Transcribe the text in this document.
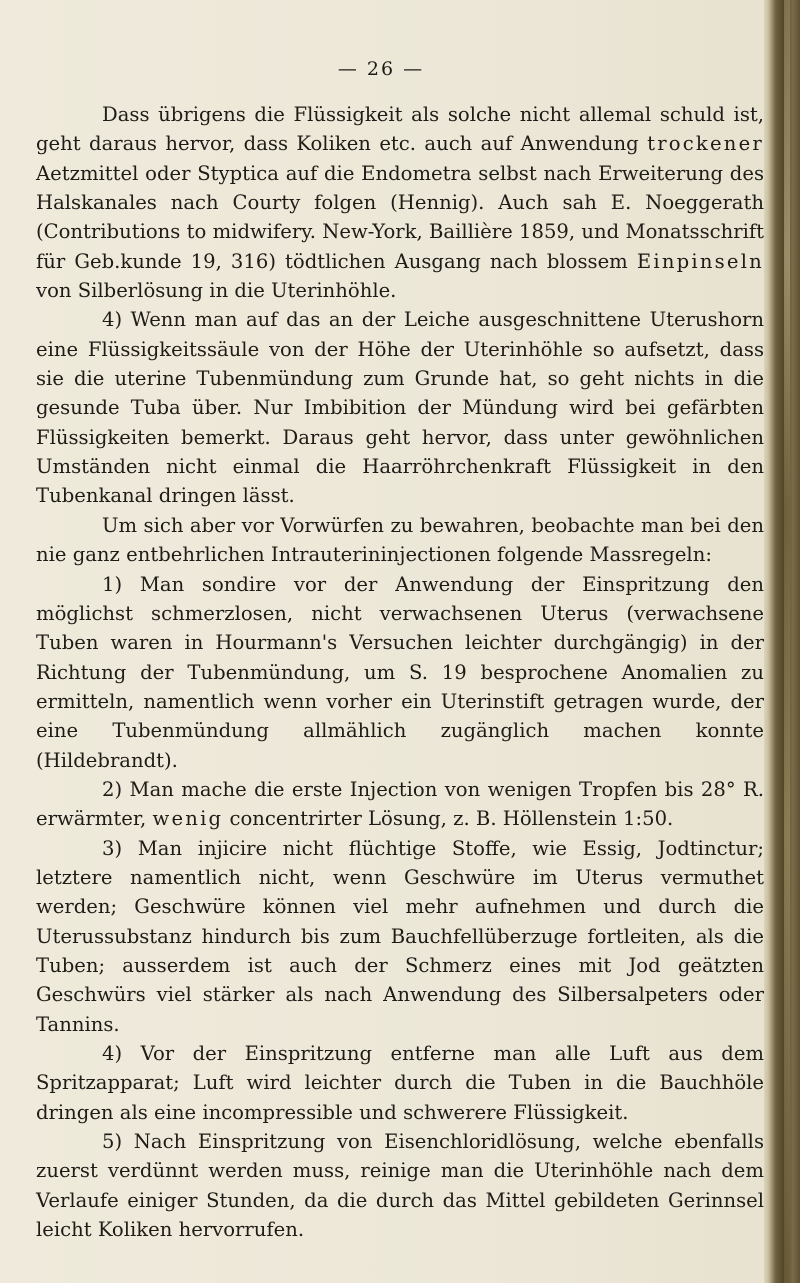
— 26 —

Dass übrigens die Flüssigkeit als solche nicht allemal schuld ist, geht daraus hervor, dass Koliken etc. auch auf Anwendung trockener Aetzmittel oder Styptica auf die Endometra selbst nach Erweiterung des Halskanales nach Courty folgen (Hennig). Auch sah E. Noeggerath (Contributions to midwifery. New-York, Baillière 1859, und Monatsschrift für Geb.kunde 19, 316) tödtlichen Ausgang nach blossem Einpinseln von Silberlösung in die Uterinhöhle.

4) Wenn man auf das an der Leiche ausgeschnittene Uterushorn eine Flüssigkeitssäule von der Höhe der Uterinhöhle so aufsetzt, dass sie die uterine Tubenmündung zum Grunde hat, so geht nichts in die gesunde Tuba über. Nur Imbibition der Mündung wird bei gefärbten Flüssigkeiten bemerkt. Daraus geht hervor, dass unter gewöhnlichen Umständen nicht einmal die Haarröhrchenkraft Flüssigkeit in den Tubenkanal dringen lässt.

Um sich aber vor Vorwürfen zu bewahren, beobachte man bei den nie ganz entbehrlichen Intrauterininjectionen folgende Massregeln:

1) Man sondire vor der Anwendung der Einspritzung den möglichst schmerzlosen, nicht verwachsenen Uterus (verwachsene Tuben waren in Hourmann's Versuchen leichter durchgängig) in der Richtung der Tubenmündung, um S. 19 besprochene Anomalien zu ermitteln, namentlich wenn vorher ein Uterinstift getragen wurde, der eine Tubenmündung allmählich zugänglich machen konnte (Hildebrandt).

2) Man mache die erste Injection von wenigen Tropfen bis 28° R. erwärmter, wenig concentrirter Lösung, z. B. Höllenstein 1:50.

3) Man injicire nicht flüchtige Stoffe, wie Essig, Jodtinctur; letztere namentlich nicht, wenn Geschwüre im Uterus vermuthet werden; Geschwüre können viel mehr aufnehmen und durch die Uterussubstanz hindurch bis zum Bauchfellüberzuge fortleiten, als die Tuben; ausserdem ist auch der Schmerz eines mit Jod geätzten Geschwürs viel stärker als nach Anwendung des Silbersalpeters oder Tannins.

4) Vor der Einspritzung entferne man alle Luft aus dem Spritzapparat; Luft wird leichter durch die Tuben in die Bauchhöle dringen als eine incompressible und schwerere Flüssigkeit.

5) Nach Einspritzung von Eisenchloridlösung, welche ebenfalls zuerst verdünnt werden muss, reinige man die Uterinhöhle nach dem Verlaufe einiger Stunden, da die durch das Mittel gebildeten Gerinnsel leicht Koliken hervorrufen.
